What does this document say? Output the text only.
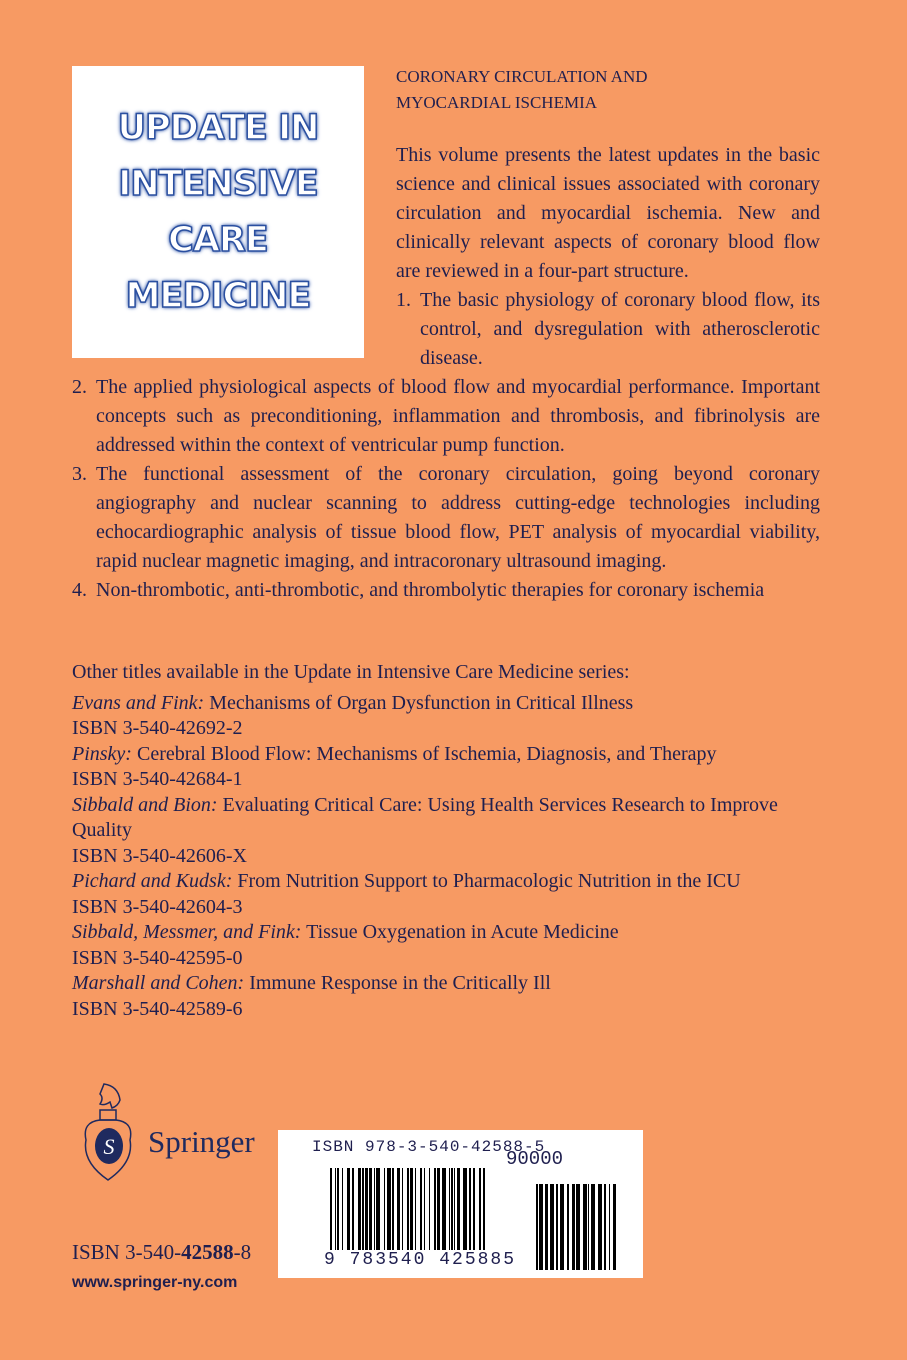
UPDATE IN
INTENSIVE
CARE
MEDICINE
CORONARY CIRCULATION AND
MYOCARDIAL ISCHEMIA
This volume presents the latest updates in the basic science and clinical issues associated with coronary circulation and myocardial ischemia. New and clinically relevant aspects of coronary blood flow are reviewed in a four-part structure.
1. The basic physiology of coronary blood flow, its control, and dysregulation with atherosclerotic disease.
2. The applied physiological aspects of blood flow and myocardial performance. Important concepts such as preconditioning, inflammation and thrombosis, and fibrinolysis are addressed within the context of ventricular pump function.
3. The functional assessment of the coronary circulation, going beyond coronary angiography and nuclear scanning to address cutting-edge technologies including echocardiographic analysis of tissue blood flow, PET analysis of myocardial viability, rapid nuclear magnetic imaging, and intracoronary ultrasound imaging.
4. Non-thrombotic, anti-thrombotic, and thrombolytic therapies for coronary ischemia
Other titles available in the Update in Intensive Care Medicine series:
Evans and Fink: Mechanisms of Organ Dysfunction in Critical Illness
ISBN 3-540-42692-2
Pinsky: Cerebral Blood Flow: Mechanisms of Ischemia, Diagnosis, and Therapy
ISBN 3-540-42684-1
Sibbald and Bion: Evaluating Critical Care: Using Health Services Research to Improve Quality
ISBN 3-540-42606-X
Pichard and Kudsk: From Nutrition Support to Pharmacologic Nutrition in the ICU
ISBN 3-540-42604-3
Sibbald, Messmer, and Fink: Tissue Oxygenation in Acute Medicine
ISBN 3-540-42595-0
Marshall and Cohen: Immune Response in the Critically Ill
ISBN 3-540-42589-6
S Springer
ISBN 3-540-42588-8
www.springer-ny.com
ISBN 978-3-540-42588-5
90000
9 783540 425885
